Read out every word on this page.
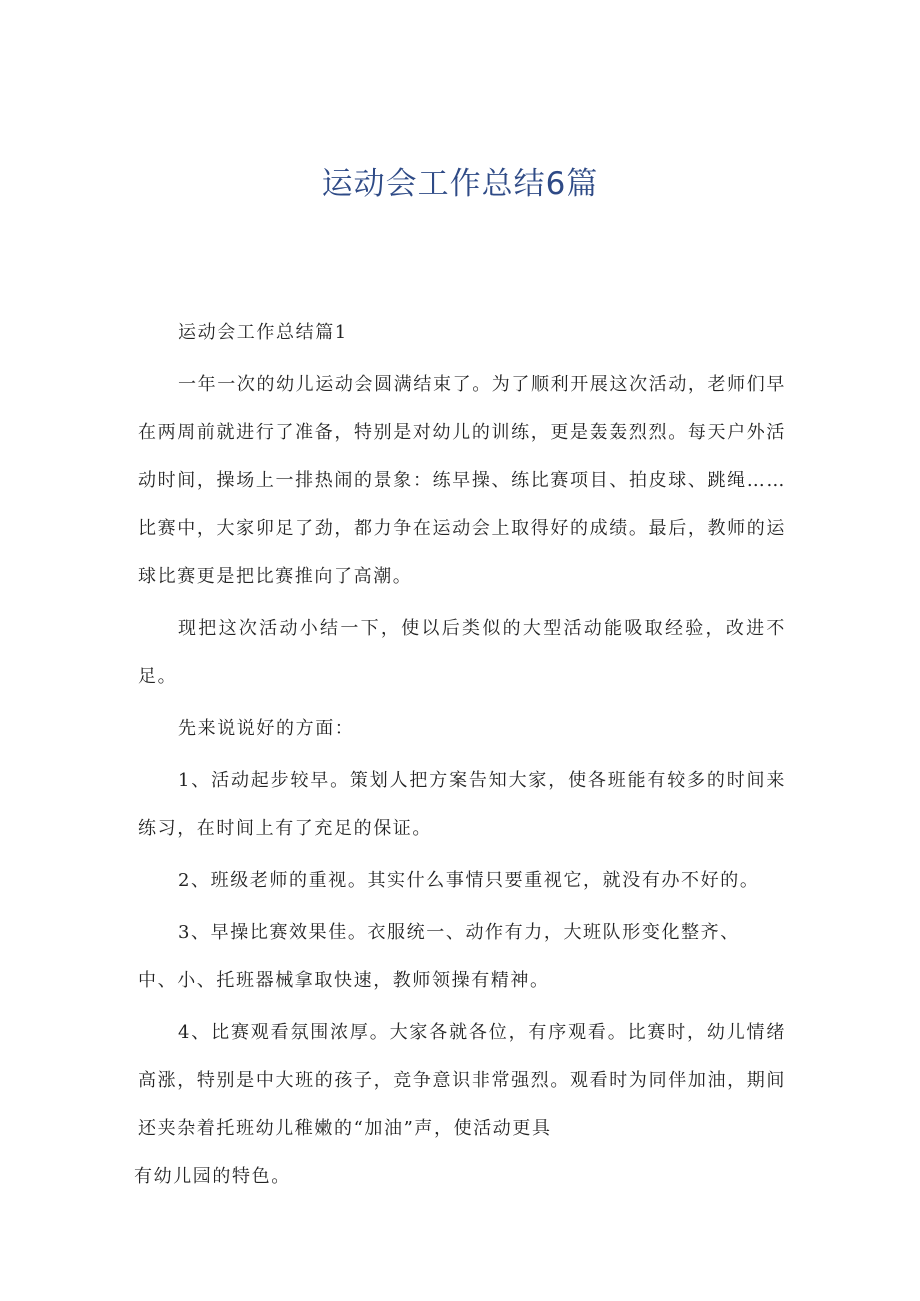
运动会工作总结6篇

运动会工作总结篇1

一年一次的幼儿运动会圆满结束了。为了顺利开展这次活动，老师们早在两周前就进行了准备，特别是对幼儿的训练，更是轰轰烈烈。每天户外活动时间，操场上一排热闹的景象：练早操、练比赛项目、拍皮球、跳绳……比赛中，大家卯足了劲，都力争在运动会上取得好的成绩。最后，教师的运球比赛更是把比赛推向了高潮。

现把这次活动小结一下，使以后类似的大型活动能吸取经验，改进不足。

先来说说好的方面：

1、活动起步较早。策划人把方案告知大家，使各班能有较多的时间来练习，在时间上有了充足的保证。

2、班级老师的重视。其实什么事情只要重视它，就没有办不好的。

3、早操比赛效果佳。衣服统一、动作有力，大班队形变化整齐、
中、小、托班器械拿取快速，教师领操有精神。

4、比赛观看氛围浓厚。大家各就各位，有序观看。比赛时，幼儿情绪高涨，特别是中大班的孩子，竞争意识非常强烈。观看时为同伴加油，期间还夹杂着托班幼儿稚嫩的“加油”声，使活动更具

有幼儿园的特色。
